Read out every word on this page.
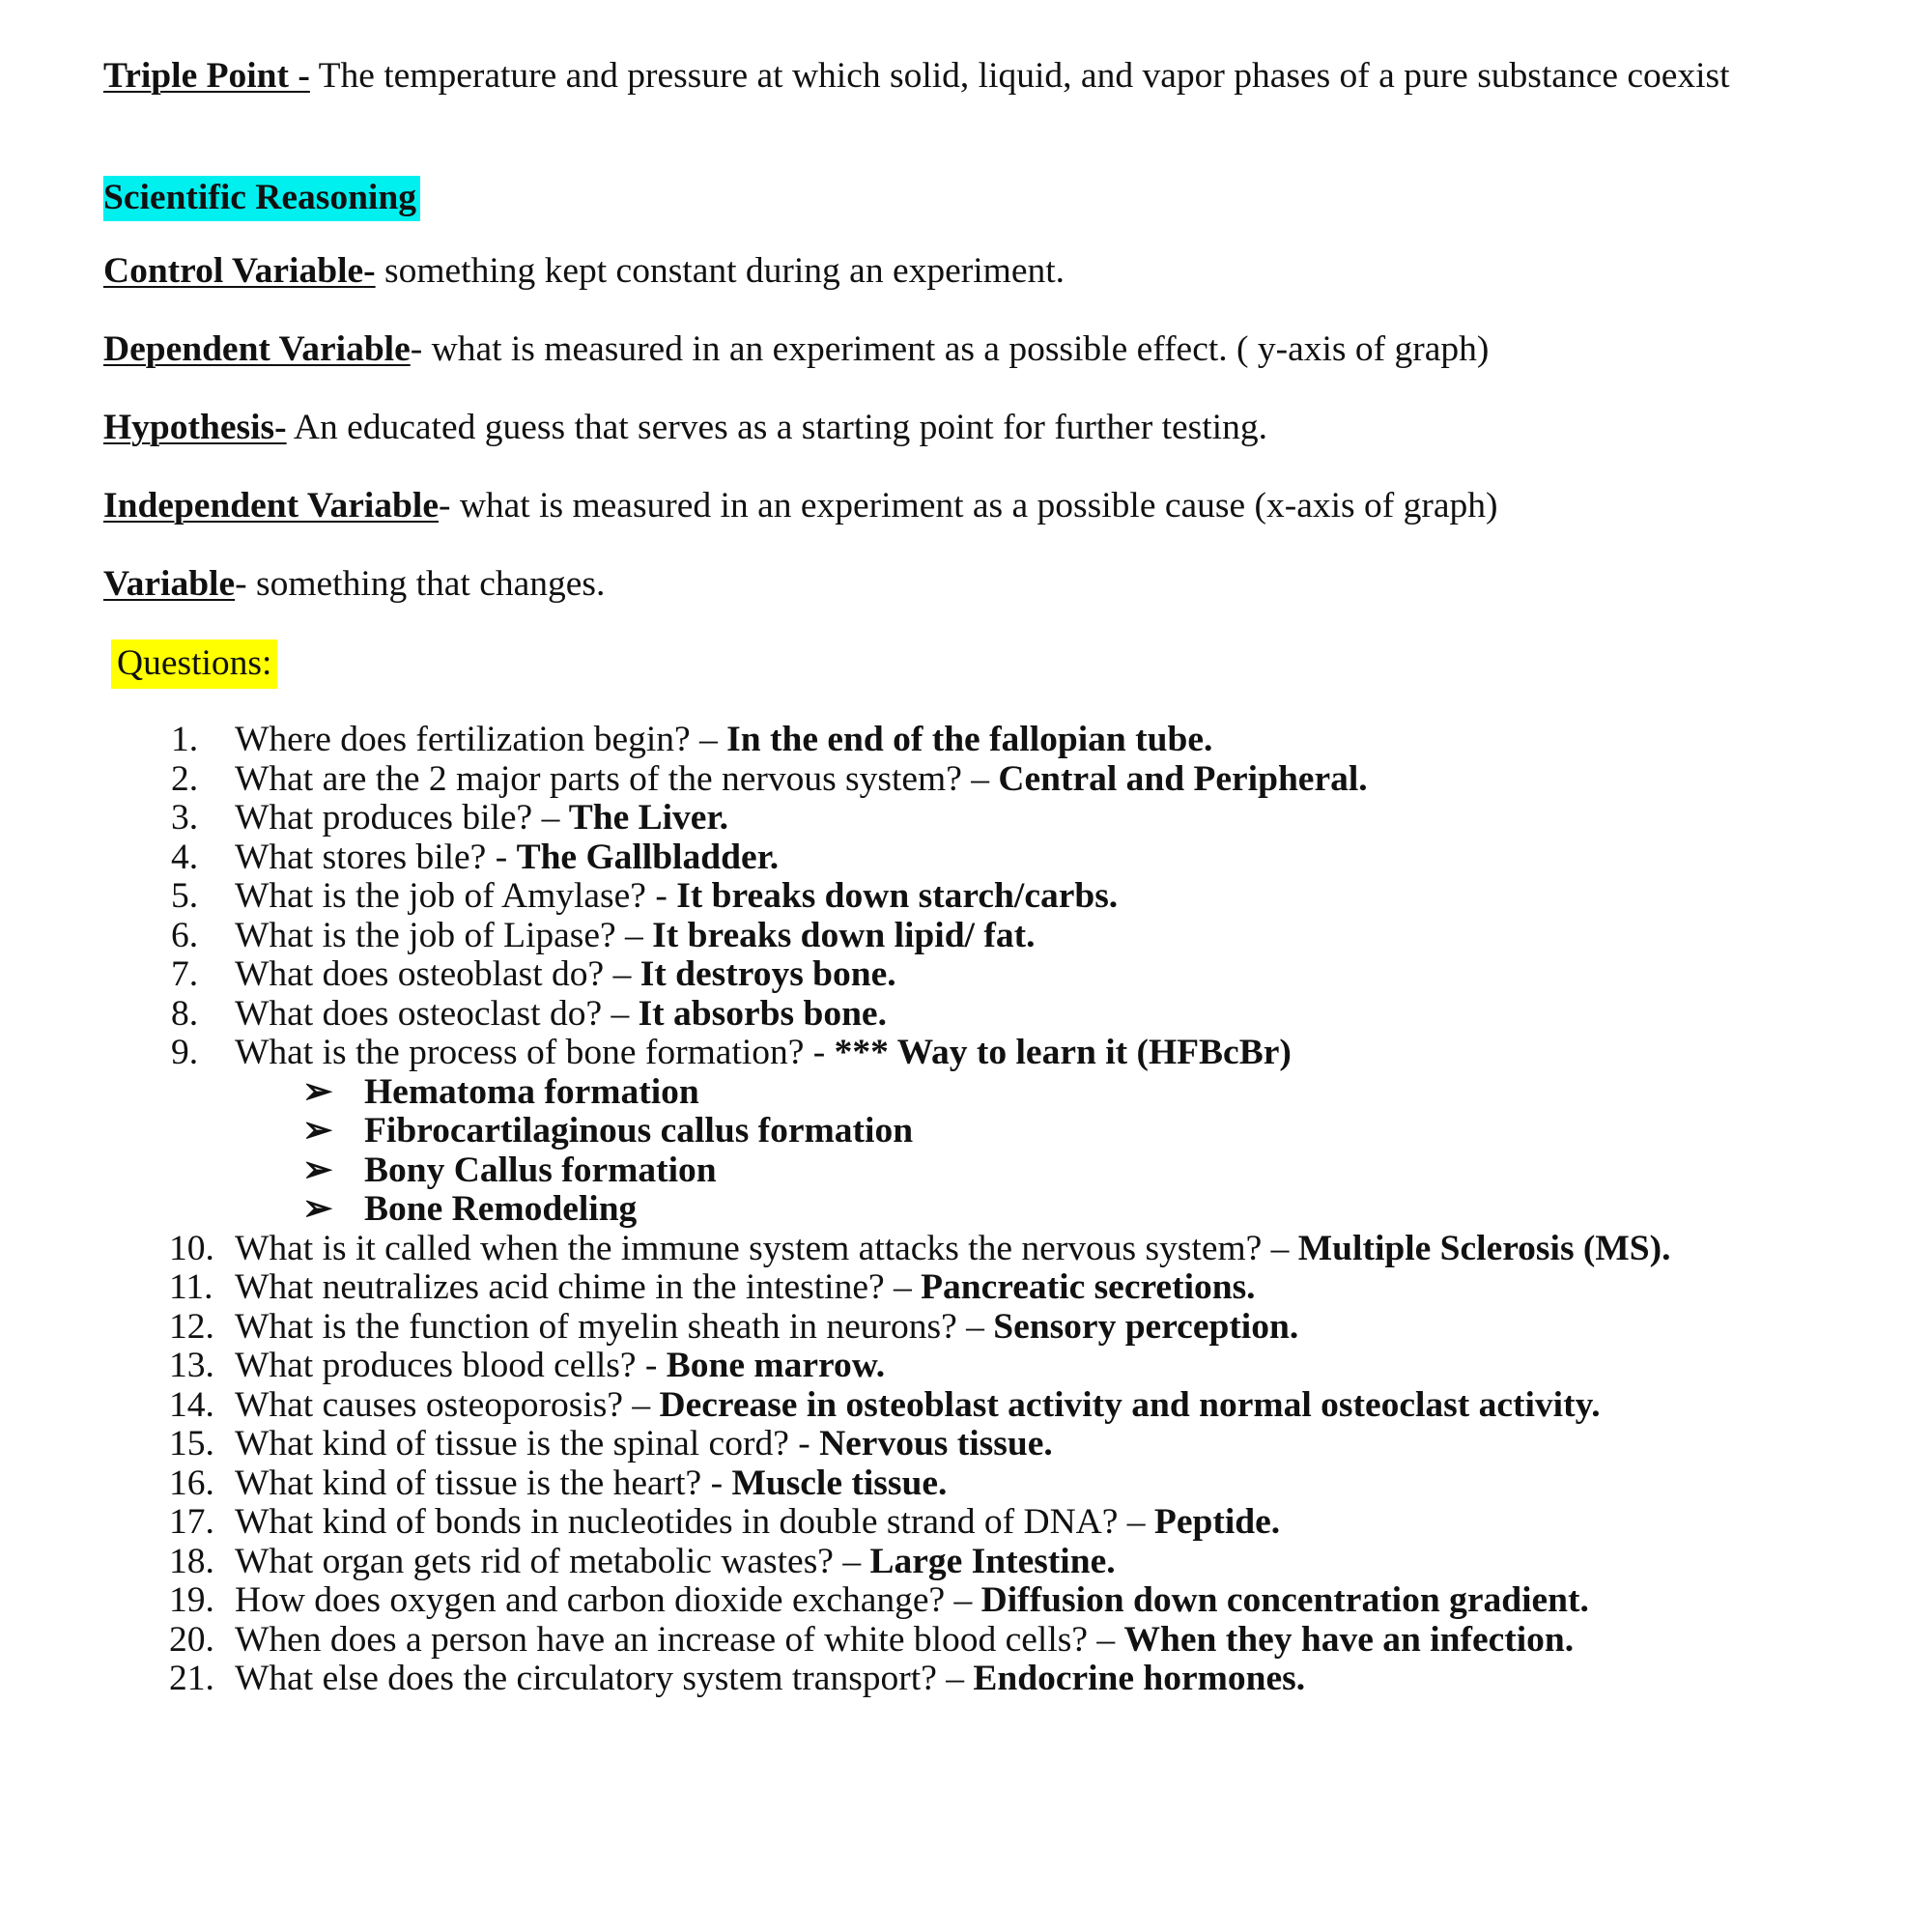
Triple Point - The temperature and pressure at which solid, liquid, and vapor phases of a pure substance coexist

Scientific Reasoning

Control Variable- something kept constant during an experiment.

Dependent Variable- what is measured in an experiment as a possible effect. ( y-axis of graph)

Hypothesis- An educated guess that serves as a starting point for further testing.

Independent Variable- what is measured in an experiment as a possible cause (x-axis of graph)

Variable- something that changes.

Questions:
1.	Where does fertilization begin? – In the end of the fallopian tube.
2.	What are the 2 major parts of the nervous system? – Central and Peripheral.
3.	What produces bile? – The Liver.
4.	What stores bile? - The Gallbladder.
5.	What is the job of Amylase? - It breaks down starch/carbs.
6.	What is the job of Lipase? – It breaks down lipid/ fat.
7.	What does osteoblast do? – It destroys bone.
8.	What does osteoclast do? – It absorbs bone.
9.	What is the process of bone formation? - *** Way to learn it (HFBcBr)
➢ Hematoma formation
➢ Fibrocartilaginous callus formation
➢ Bony Callus formation
➢ Bone Remodeling
10. What is it called when the immune system attacks the nervous system? – Multiple Sclerosis (MS).
11. What neutralizes acid chime in the intestine? – Pancreatic secretions.
12. What is the function of myelin sheath in neurons? – Sensory perception.
13. What produces blood cells? - Bone marrow.
14. What causes osteoporosis? – Decrease in osteoblast activity and normal osteoclast activity.
15. What kind of tissue is the spinal cord? - Nervous tissue.
16. What kind of tissue is the heart? - Muscle tissue.
17. What kind of bonds in nucleotides in double strand of DNA? – Peptide.
18. What organ gets rid of metabolic wastes? – Large Intestine.
19. How does oxygen and carbon dioxide exchange? – Diffusion down concentration gradient.
20. When does a person have an increase of white blood cells? – When they have an infection.
21. What else does the circulatory system transport? – Endocrine hormones.
